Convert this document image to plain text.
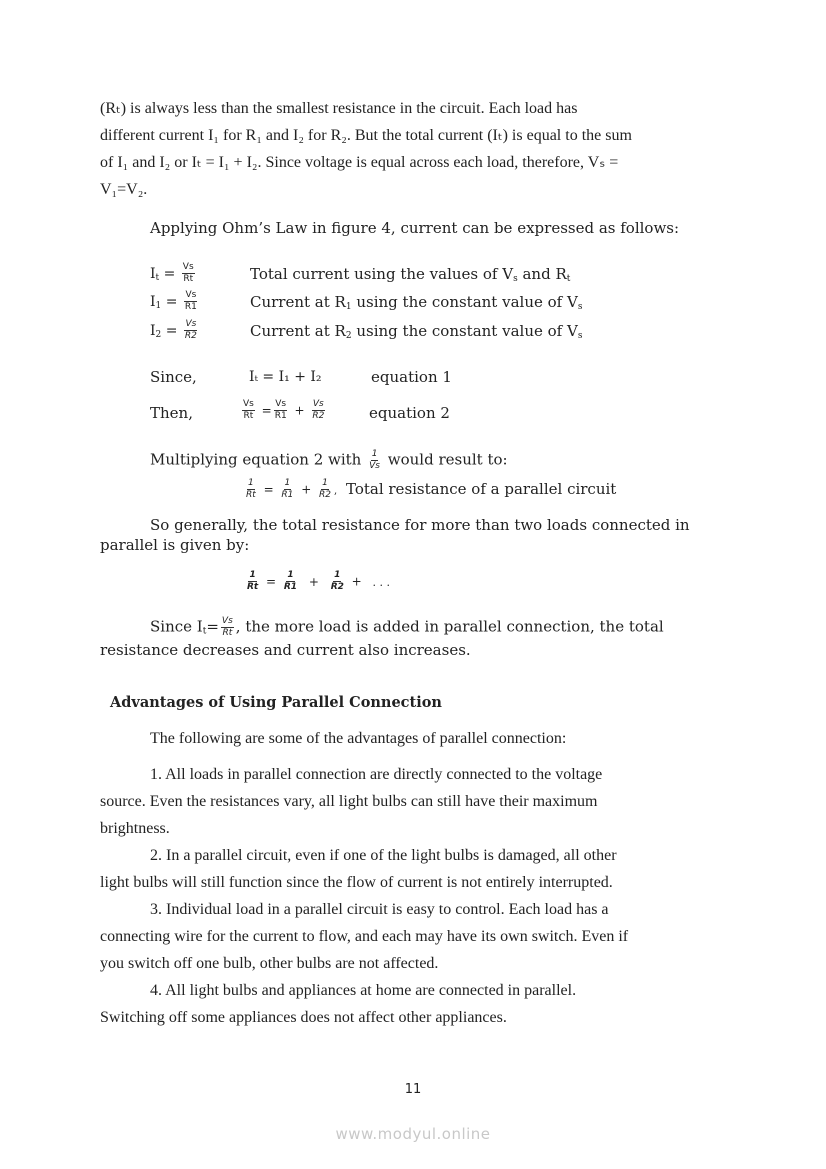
(Rₜ) is always less than the smallest resistance in the circuit. Each load has
different current I₁ for R₁ and I₂ for R₂. But the total current (Iₜ) is equal to the sum
of I₁ and I₂ or Iₜ = I₁ + I₂. Since voltage is equal across each load, therefore, Vₛ =
V₁=V₂.
Applying Ohm’s Law in figure 4, current can be expressed as follows:
$I_t = \frac{Vs}{Rt}$	Total current using the values of $V_s$ and $R_t$
$I_1 = \frac{Vs}{R1}$	Current at $R_1$ using the constant value of $V_s$
$I_2 = \frac{Vs}{R2}$	Current at $R_2$ using the constant value of $V_s$
Since,	Iₜ = I₁ + I₂	equation 1
Then,	$\frac{Vs}{Rt} = \frac{Vs}{R1} + \frac{Vs}{R2}$	equation 2
Multiplying equation 2 with $\frac{1}{Vs}$ would result to:
$\frac{1}{Rt} = \frac{1}{R1} + \frac{1}{R2}$ , Total resistance of a parallel circuit
So generally, the total resistance for more than two loads connected in
parallel is given by:
$\frac{1}{Rt} = \frac{1}{R1} + \frac{1}{R2}$ + . . .
Since $I_t= \frac{Vs}{Rt}$ , the more load is added in parallel connection, the total
resistance decreases and current also increases.
Advantages of Using Parallel Connection
The following are some of the advantages of parallel connection:
1. All loads in parallel connection are directly connected to the voltage
source. Even the resistances vary, all light bulbs can still have their maximum
brightness.
2. In a parallel circuit, even if one of the light bulbs is damaged, all other
light bulbs will still function since the flow of current is not entirely interrupted.
3. Individual load in a parallel circuit is easy to control. Each load has a
connecting wire for the current to flow, and each may have its own switch. Even if
you switch off one bulb, other bulbs are not affected.
4. All light bulbs and appliances at home are connected in parallel.
Switching off some appliances does not affect other appliances.
11
www.modyul.online
